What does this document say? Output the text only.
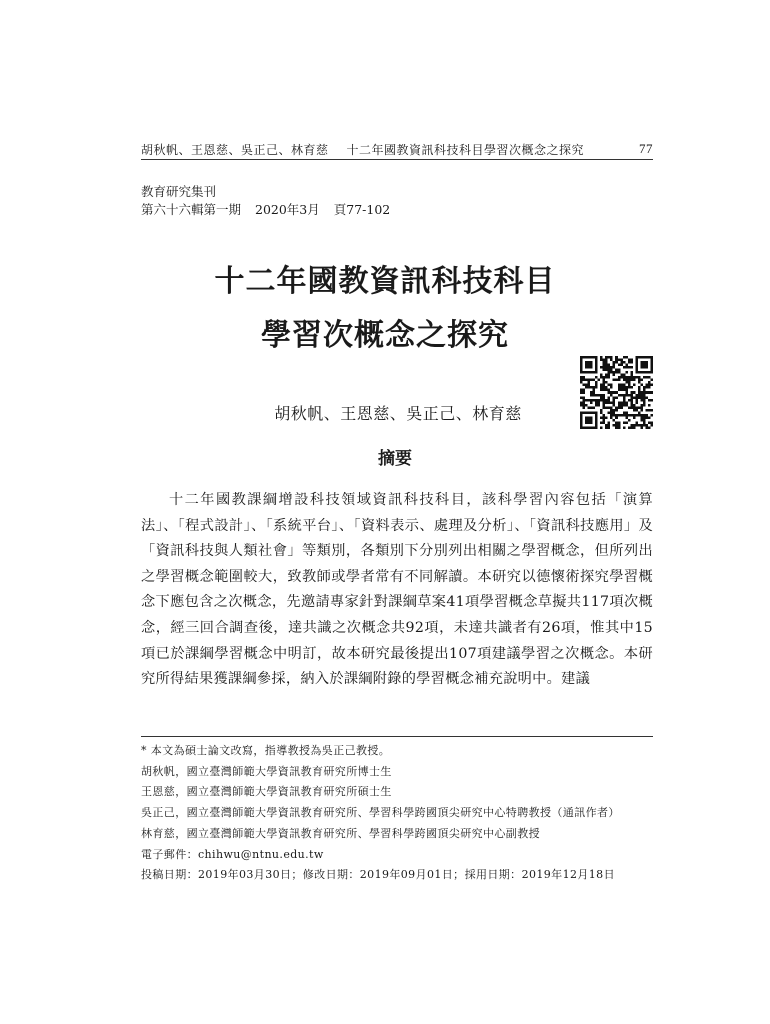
胡秋帆、王恩慈、吳正己、林育慈 十二年國教資訊科技科目學習次概念之探究	77
教育研究集刊
第六十六輯第一期 2020年3月 頁77-102
十二年國教資訊科技科目
學習次概念之探究
胡秋帆、王恩慈、吳正己、林育慈
摘要
十二年國教課綱增設科技領域資訊科技科目，該科學習內容包括「演算法」、「程式設計」、「系統平台」、「資料表示、處理及分析」、「資訊科技應用」及「資訊科技與人類社會」等類別，各類別下分別列出相關之學習概念，但所列出之學習概念範圍較大，致教師或學者常有不同解讀。本研究以德懷術探究學習概念下應包含之次概念，先邀請專家針對課綱草案41項學習概念草擬共117項次概念，經三回合調查後，達共識之次概念共92項，未達共識者有26項，惟其中15項已於課綱學習概念中明訂，故本研究最後提出107項建議學習之次概念。本研究所得結果獲課綱參採，納入於課綱附錄的學習概念補充說明中。建議
* 本文為碩士論文改寫，指導教授為吳正己教授。
胡秋帆，國立臺灣師範大學資訊教育研究所博士生
王恩慈，國立臺灣師範大學資訊教育研究所碩士生
吳正己，國立臺灣師範大學資訊教育研究所、學習科學跨國頂尖研究中心特聘教授（通訊作者）
林育慈，國立臺灣師範大學資訊教育研究所、學習科學跨國頂尖研究中心副教授
電子郵件：chihwu@ntnu.edu.tw
投稿日期：2019年03月30日；修改日期：2019年09月01日；採用日期：2019年12月18日
